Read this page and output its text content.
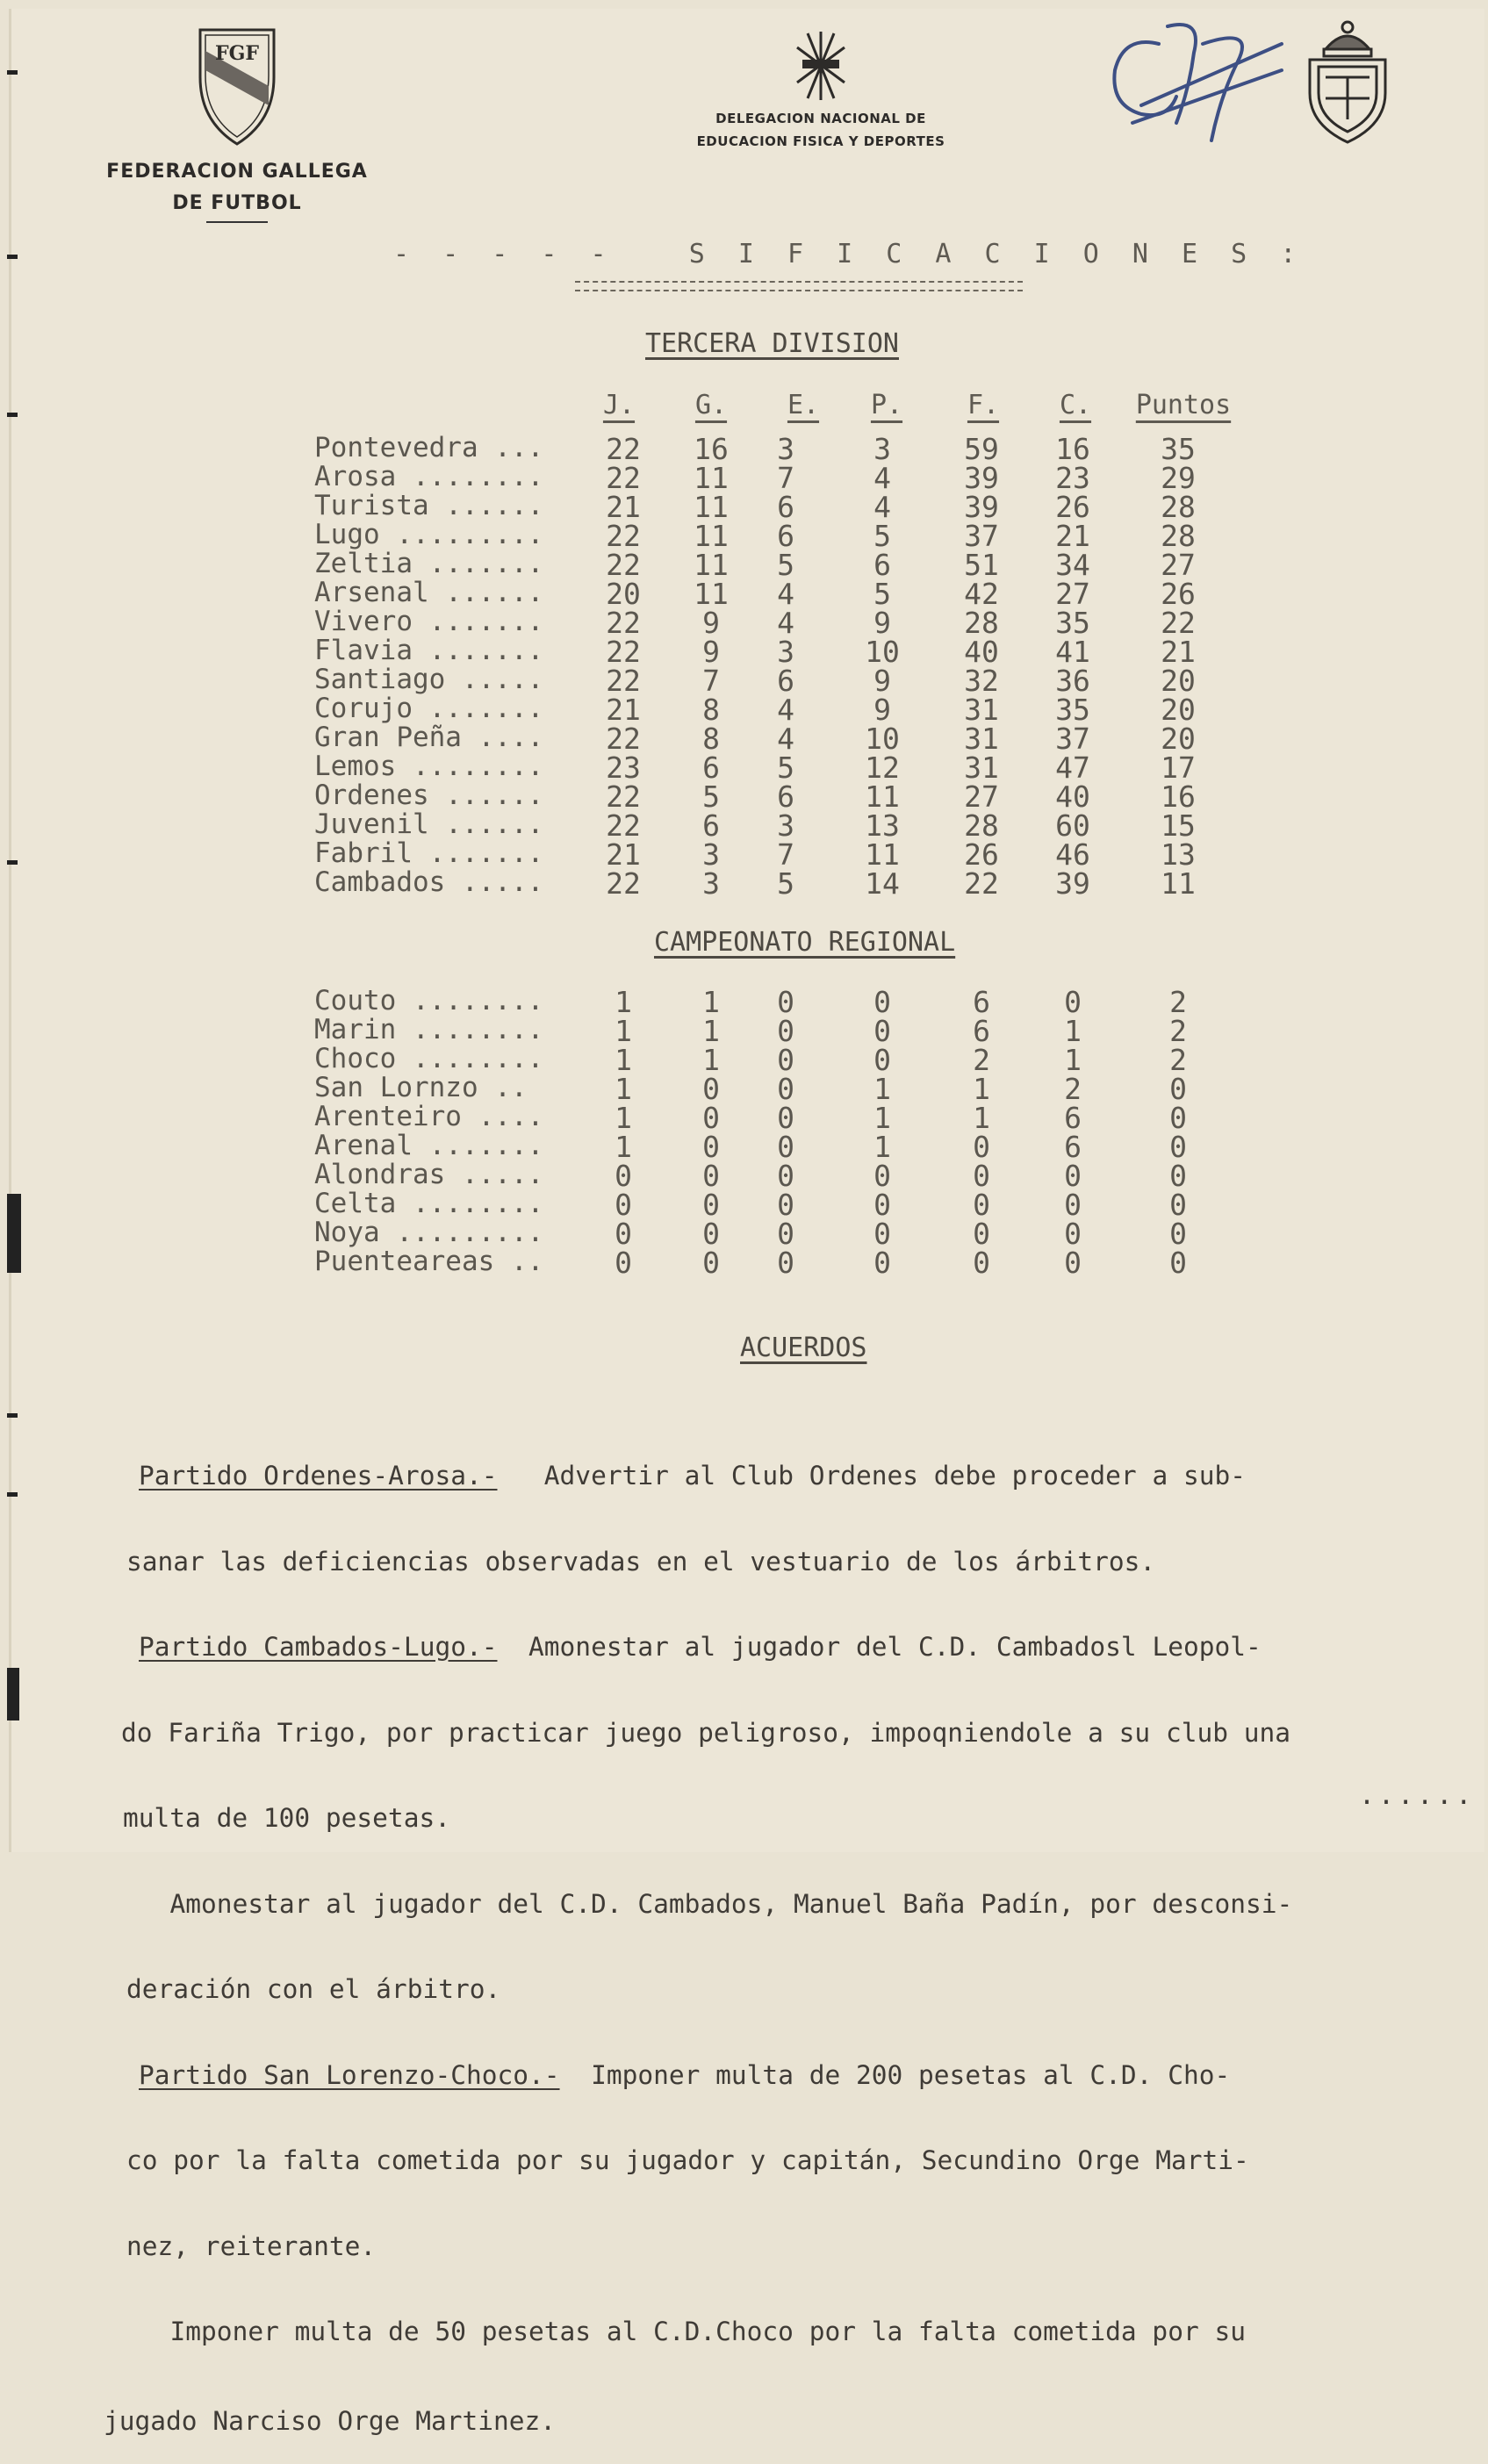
FGF
FEDERACION GALLEGA
DE FUTBOL
DELEGACION NACIONAL DE
EDUCACION FISICA Y DEPORTES
- - - - -   S I F I C A C I O N E S :
TERCERA DIVISION
J.	G.	E.	P.	F.	C.	Puntos
Pontevedra ...	22	16	3	3	59	16	35
Arosa ........	22	11	7	4	39	23	29
Turista ......	21	11	6	4	39	26	28
Lugo .........	22	11	6	5	37	21	28
Zeltia .......	22	11	5	6	51	34	27
Arsenal ......	20	11	4	5	42	27	26
Vivero .......	22	9	4	9	28	35	22
Flavia .......	22	9	3	10	40	41	21
Santiago .....	22	7	6	9	32	36	20
Corujo .......	21	8	4	9	31	35	20
Gran Peña ....	22	8	4	10	31	37	20
Lemos ........	23	6	5	12	31	47	17
Ordenes ......	22	5	6	11	27	40	16
Juvenil ......	22	6	3	13	28	60	15
Fabril .......	21	3	7	11	26	46	13
Cambados .....	22	3	5	14	22	39	11
CAMPEONATO REGIONAL
Couto ........	1	1	0	0	6	0	2
Marin ........	1	1	0	0	6	1	2
Choco ........	1	1	0	0	2	1	2
San Lornzo ..	1	0	0	1	1	2	0
Arenteiro ....	1	0	0	1	1	6	0
Arenal .......	1	0	0	1	0	6	0
Alondras .....	0	0	0	0	0	0	0
Celta ........	0	0	0	0	0	0	0
Noya .........	0	0	0	0	0	0	0
Puenteareas ..	0	0	0	0	0	0	0
ACUERDOS

Partido Ordenes-Arosa.-   Advertir al Club Ordenes debe proceder a sub-

sanar las deficiencias observadas en el vestuario de los árbitros.

Partido Cambados-Lugo.-  Amonestar al jugador del C.D. Cambadosl Leopol-

do Fariña Trigo, por practicar juego peligroso, impoqniendole a su club una

multa de 100 pesetas.

Amonestar al jugador del C.D. Cambados, Manuel Baña Padín, por desconsi-

deración con el árbitro.

Partido San Lorenzo-Choco.-  Imponer multa de 200 pesetas al C.D. Cho-

co por la falta cometida por su jugador y capitán, Secundino Orge Marti-

nez, reiterante.

Imponer multa de 50 pesetas al C.D.Choco por la falta cometida por su

jugado Narciso Orge Martinez.

......
